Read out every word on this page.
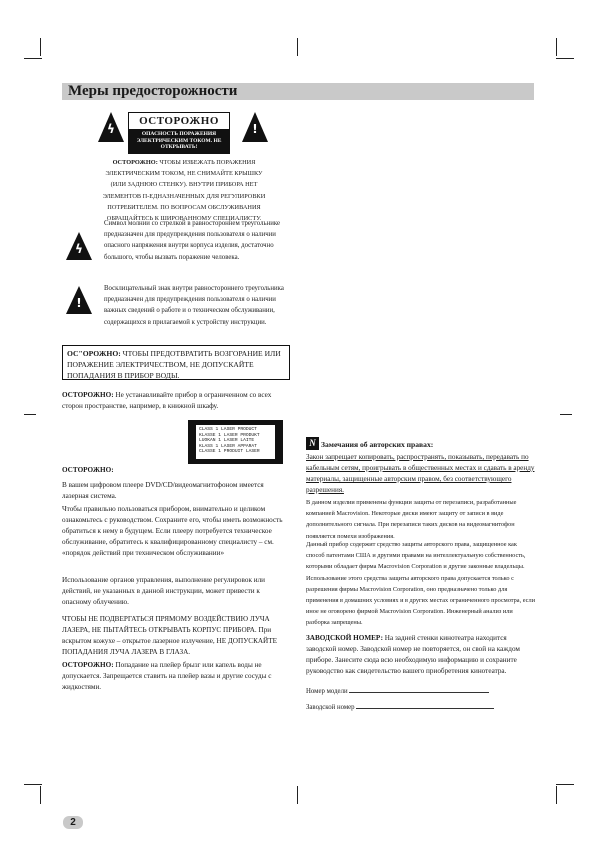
Меры предосторожности
ϟ
ОСТОРОЖНО
ОПАСНОСТЬ ПОРАЖЕНИЯ ЭЛЕКТРИЧЕСКИМ ТОКОМ. НЕ ОТКРЫВАТЬ!
!
ОСТОРОЖНО: ЧТОБЫ ИЗБЕЖАТЬ ПОРАЖЕНИЯ ЭЛЕКТРИЧЕСКИМ ТОКОМ, НЕ СНИМАЙТЕ КРЫШКУ (ИЛИ ЗАДНЮЮ СТЕНКУ). ВНУТРИ ПРИБОРА НЕТ ЭЛЕМЕНТОВ П-ЕДНАЗНАЧЕННЫХ ДЛЯ РЕГУЛИРОВКИ ПОТРЕБИТЕЛЕМ. ПО ВОПРОСАМ ОБСЛУЖИВАНИЯ ОБРАЩАЙТЕСЬ К ШИРОВАННОМУ СПЕЦИАЛИСТУ.
ϟ
Символ молнии со стрелкой в равностороннем треугольнике предназначен для предупреждения пользователя о наличии опасного напряжения внутри корпуса изделия, достаточно большого, чтобы вызвать поражение человека.
!
Восклицательный знак внутри равностороннего треугольника предназначен для предупреждения пользователя о наличии важных сведений о работе и о техническом обслуживании, содержащихся в прилагаемой к устройству инструкции.
ОС"ОРОЖНО: ЧТОБЫ ПРЕДОТВРАТИТЬ ВОЗГОРАНИЕ ИЛИ ПОРАЖЕНИЕ ЭЛЕКТРИЧЕСТВОМ, НЕ ДОПУСКАЙТЕ ПОПАДАНИЯ В ПРИБОР ВОДЫ.
ОСТОРОЖНО: Не устанавливайте прибор в ограниченном со всех сторон пространстве, например, в книжной шкафу.
CLASS 1 LASER PRODUCT
KLASSE 1 LASER PRODUKT
LUOKAN 1 LASER LAITE
KLASS 1 LASER APPARAT
CLASSE 1 PRODUIT LASER
ОСТОРОЖНО:
В вашем цифровом плеере DVD/CD/видеомагнитофоном имеется лазерная система.
Чтобы правильно пользоваться прибором, внимательно и целиком ознакомьтесь с руководством. Сохраните его, чтобы иметь возможность обратиться к нему в будущем. Если плееру потребуется техническое обслуживание, обратитесь к квалифицированному специалисту – см. «порядок действий при техническом обслуживании»
Использование органов управления, выполнение регулировок или действий, не указанных в данной инструкции, может привести к опасному облучению.
ЧТОБЫ НЕ ПОДВЕРГАТЬСЯ ПРЯМОМУ ВОЗДЕЙСТВИЮ ЛУЧА ЛАЗЕРА, НЕ ПЫТАЙТЕСЬ ОТКРЫВАТЬ КОРПУС ПРИБОРА. При вскрытом кожухе – открытое лазерное излучение, НЕ ДОПУСКАЙТЕ ПОПАДАНИЯ ЛУЧА ЛАЗЕРА В ГЛАЗА.
ОСТОРОЖНО: Попадание на плейер брызг или капель воды не допускается. Запрещается ставить на плейер вазы и другие сосуды с жидкостями.
N Замечания об авторских правах:
Закон запрещает копировать, распространять, показывать, передавать по кабельным сетям, проигрывать в общественных местах и сдавать в аренду материалы, защищенные авторским правом, без соответствующего разрешения.
В данном изделии применены функции защиты от перезаписи, разработанные компанией Macrovision. Некоторые диски имеют защиту от записи в виде дополнительного сигнала. При перезаписи таких дисков на видеомагнитофон появляется помехи изображения.
Данный прибор содержит средство защиты авторского права, защищенное как способ патентами США и другими правами на интеллектуальную собственность, которыми обладает фирма Macrovision Corporation и другие законные владельцы. Использование этого средства защиты авторского права допускается только с разрешения фирмы Macrovision Corporation, оно предназначено только для применения в домашних условиях и в других местах ограниченного просмотра, если иное не оговорено фирмой Macrovision Corporation. Инженерный анализ или разборка запрещены.
ЗАВОДСКОЙ НОМЕР: На задней стенки кинотеатра находится заводской номер. Заводской номер не повторяется, он свой на каждом приборе. Занесите сюда всю необходимую информацию и сохраните руководство как свидетельство вашего приобретения кинотеатра.
Номер модели
Заводской номер
2
